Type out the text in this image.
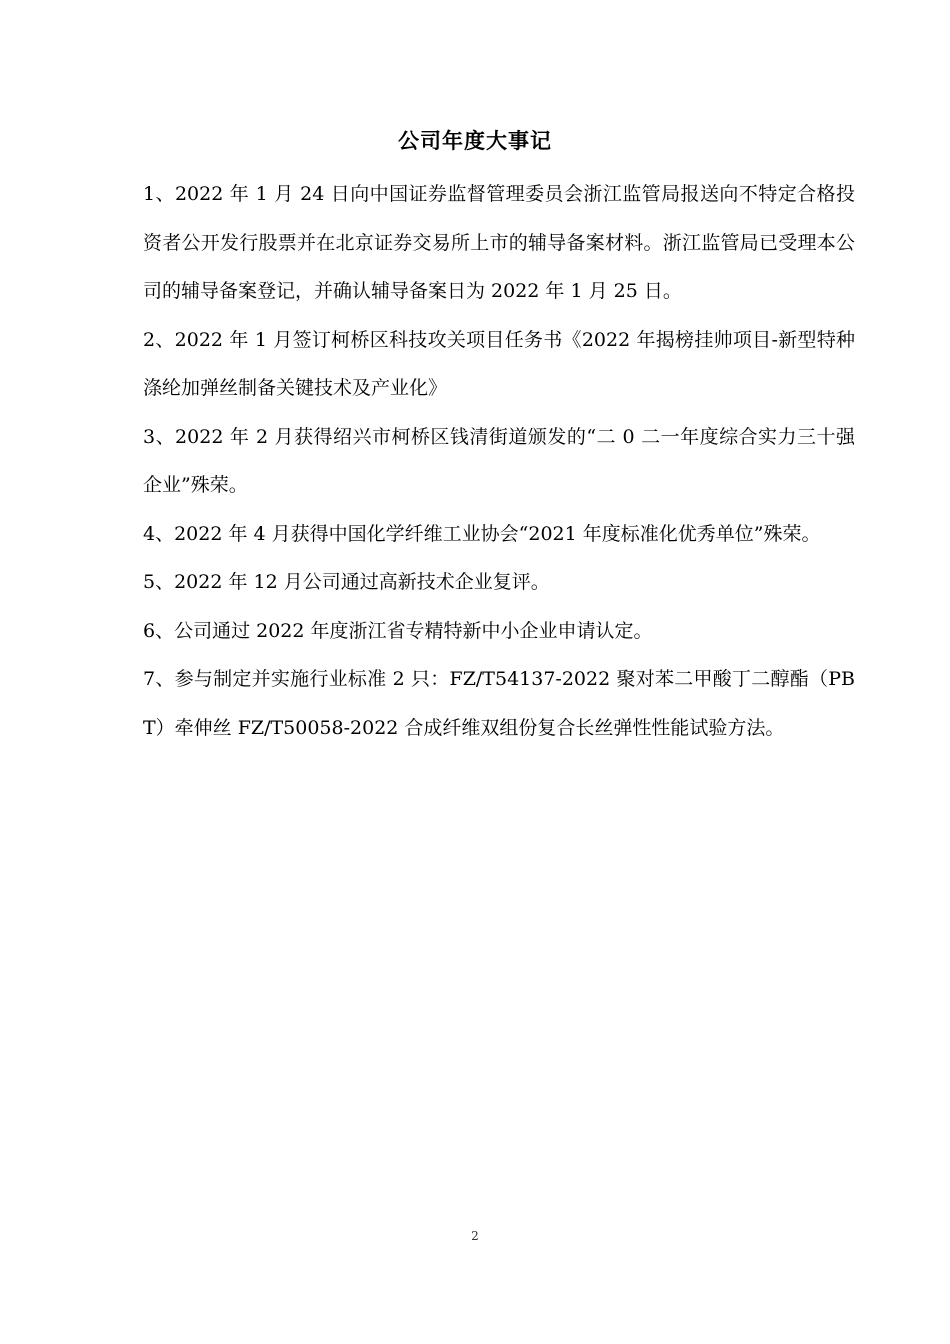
公司年度大事记

1、2022 年 1 月 24 日向中国证券监督管理委员会浙江监管局报送向不特定合格投资者公开发行股票并在北京证券交易所上市的辅导备案材料。浙江监管局已受理本公司的辅导备案登记，并确认辅导备案日为 2022 年 1 月 25 日。

2、2022 年 1 月签订柯桥区科技攻关项目任务书《2022 年揭榜挂帅项目-新型特种涤纶加弹丝制备关键技术及产业化》

3、2022 年 2 月获得绍兴市柯桥区钱清街道颁发的“二 0 二一年度综合实力三十强企业”殊荣。

4、2022 年 4 月获得中国化学纤维工业协会“2021 年度标准化优秀单位”殊荣。

5、2022 年 12 月公司通过高新技术企业复评。

6、公司通过 2022 年度浙江省专精特新中小企业申请认定。

7、参与制定并实施行业标准 2 只：FZ/T54137-2022 聚对苯二甲酸丁二醇酯（PBT）牵伸丝 FZ/T50058-2022 合成纤维双组份复合长丝弹性性能试验方法。

2
